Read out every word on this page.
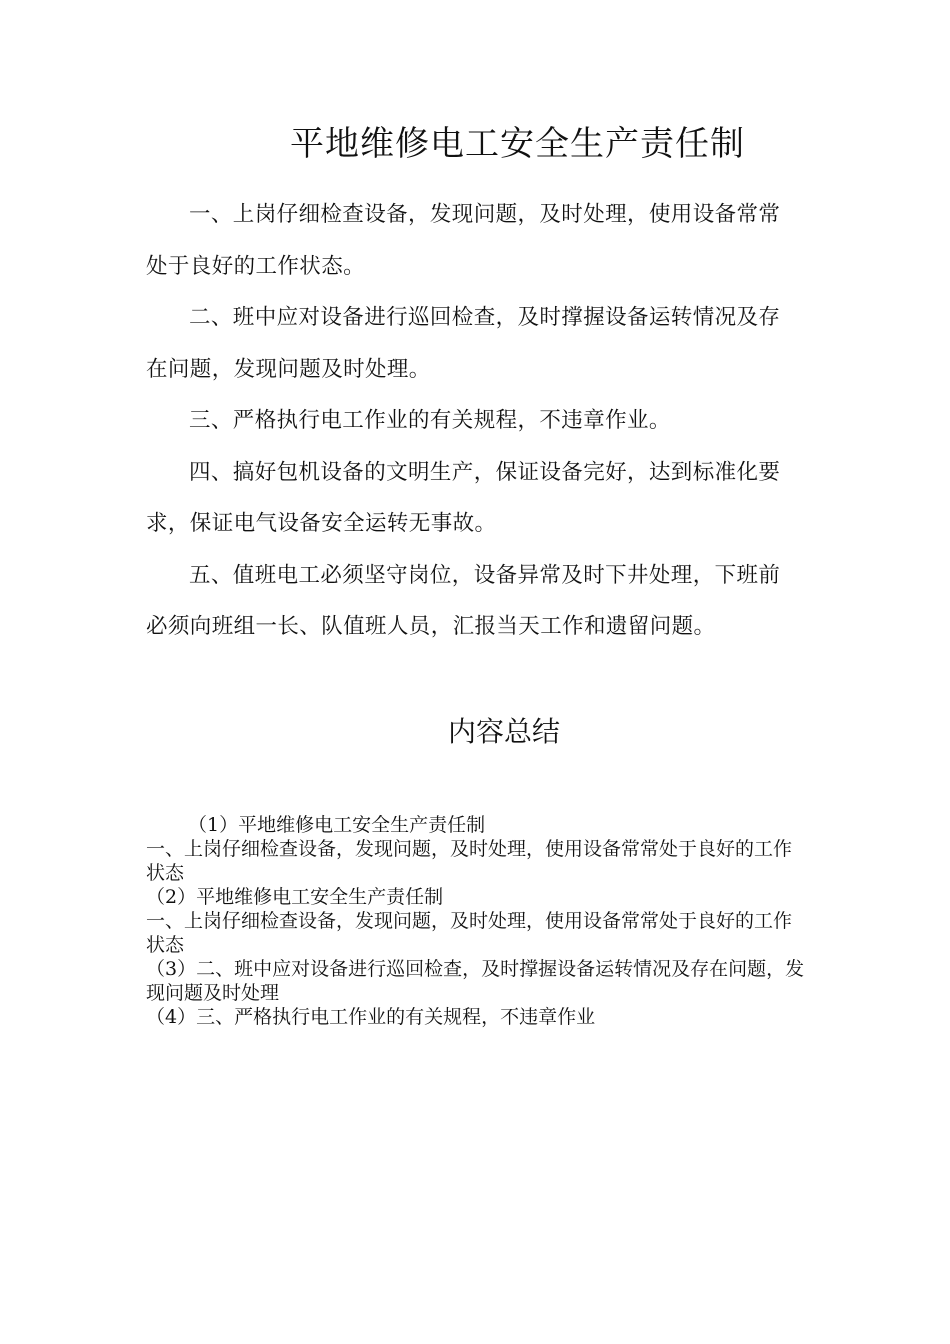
平地维修电工安全生产责任制

一、上岗仔细检查设备，发现问题，及时处理，使用设备常常处于良好的工作状态。

二、班中应对设备进行巡回检查，及时撑握设备运转情况及存在问题，发现问题及时处理。

三、严格执行电工作业的有关规程，不违章作业。

四、搞好包机设备的文明生产，保证设备完好，达到标准化要求，保证电气设备安全运转无事故。

五、值班电工必须坚守岗位，设备异常及时下井处理，下班前必须向班组一长、队值班人员，汇报当天工作和遗留问题。

内容总结

（1）平地维修电工安全生产责任制

一、上岗仔细检查设备，发现问题，及时处理，使用设备常常处于良好的工作状态

（2）平地维修电工安全生产责任制

一、上岗仔细检查设备，发现问题，及时处理，使用设备常常处于良好的工作状态

（3）二、班中应对设备进行巡回检查，及时撑握设备运转情况及存在问题，发现问题及时处理

（4）三、严格执行电工作业的有关规程，不违章作业
